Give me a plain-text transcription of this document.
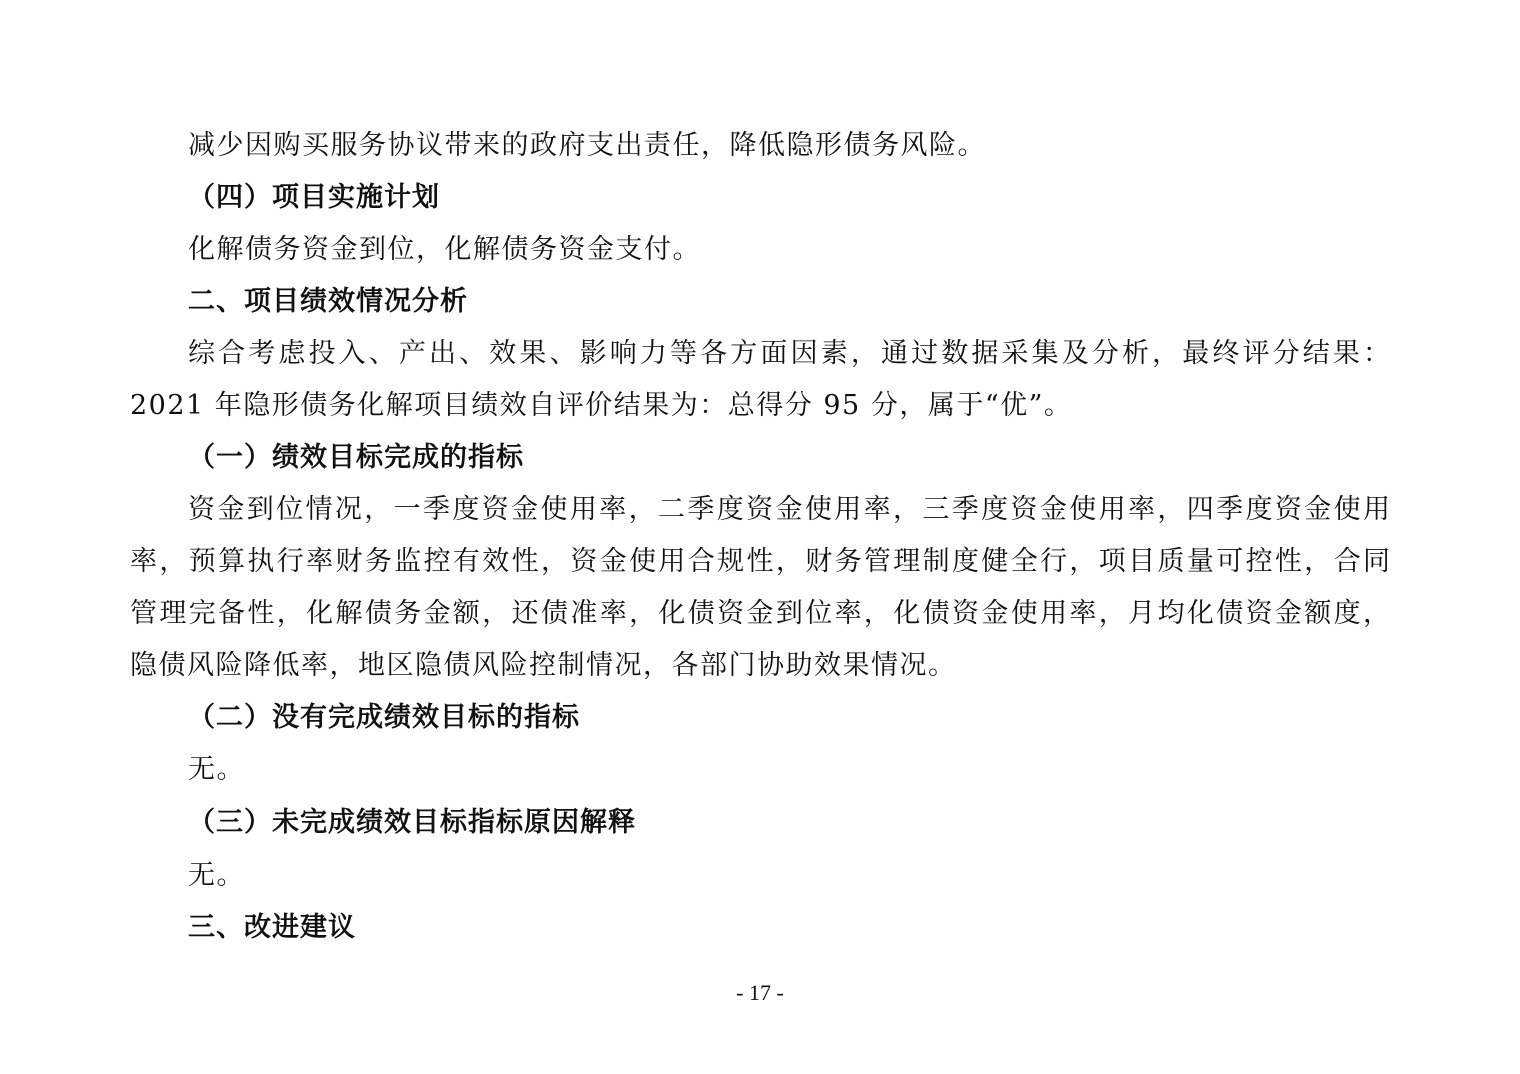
减少因购买服务协议带来的政府支出责任，降低隐形债务风险。
（四）项目实施计划
化解债务资金到位，化解债务资金支付。
二、项目绩效情况分析
综合考虑投入、产出、效果、影响力等各方面因素，通过数据采集及分析，最终评分结果：
2021 年隐形债务化解项目绩效自评价结果为：总得分 95 分，属于“优”。
（一）绩效目标完成的指标
资金到位情况，一季度资金使用率，二季度资金使用率，三季度资金使用率，四季度资金使用
率，预算执行率财务监控有效性，资金使用合规性，财务管理制度健全行，项目质量可控性，合同
管理完备性，化解债务金额，还债准率，化债资金到位率，化债资金使用率，月均化债资金额度，
隐债风险降低率，地区隐债风险控制情况，各部门协助效果情况。
（二）没有完成绩效目标的指标
无。
（三）未完成绩效目标指标原因解释
无。
三、改进建议
- 17 -
